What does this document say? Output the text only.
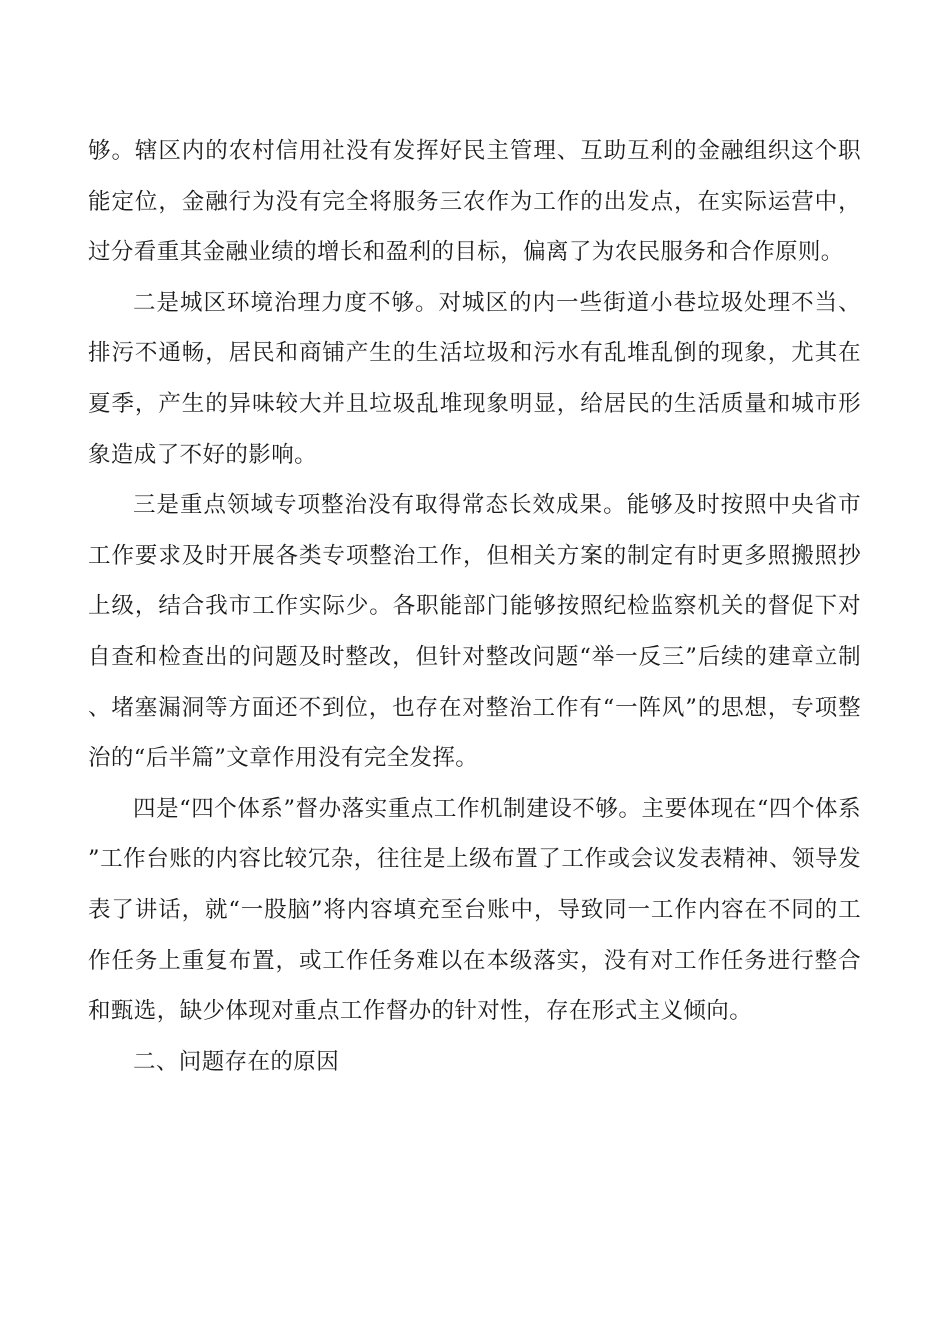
够。辖区内的农村信用社没有发挥好民主管理、互助互利的金融组织这个职能定位，金融行为没有完全将服务三农作为工作的出发点，在实际运营中，过分看重其金融业绩的增长和盈利的目标，偏离了为农民服务和合作原则。

二是城区环境治理力度不够。对城区的内一些街道小巷垃圾处理不当、排污不通畅，居民和商铺产生的生活垃圾和污水有乱堆乱倒的现象，尤其在夏季，产生的异味较大并且垃圾乱堆现象明显，给居民的生活质量和城市形象造成了不好的影响。

三是重点领域专项整治没有取得常态长效成果。能够及时按照中央省市工作要求及时开展各类专项整治工作，但相关方案的制定有时更多照搬照抄上级，结合我市工作实际少。各职能部门能够按照纪检监察机关的督促下对自查和检查出的问题及时整改，但针对整改问题“举一反三”后续的建章立制、堵塞漏洞等方面还不到位，也存在对整治工作有“一阵风”的思想，专项整治的“后半篇”文章作用没有完全发挥。

四是“四个体系”督办落实重点工作机制建设不够。主要体现在“四个体系”工作台账的内容比较冗杂，往往是上级布置了工作或会议发表精神、领导发表了讲话，就“一股脑”将内容填充至台账中，导致同一工作内容在不同的工作任务上重复布置，或工作任务难以在本级落实，没有对工作任务进行整合和甄选，缺少体现对重点工作督办的针对性，存在形式主义倾向。

二、问题存在的原因
